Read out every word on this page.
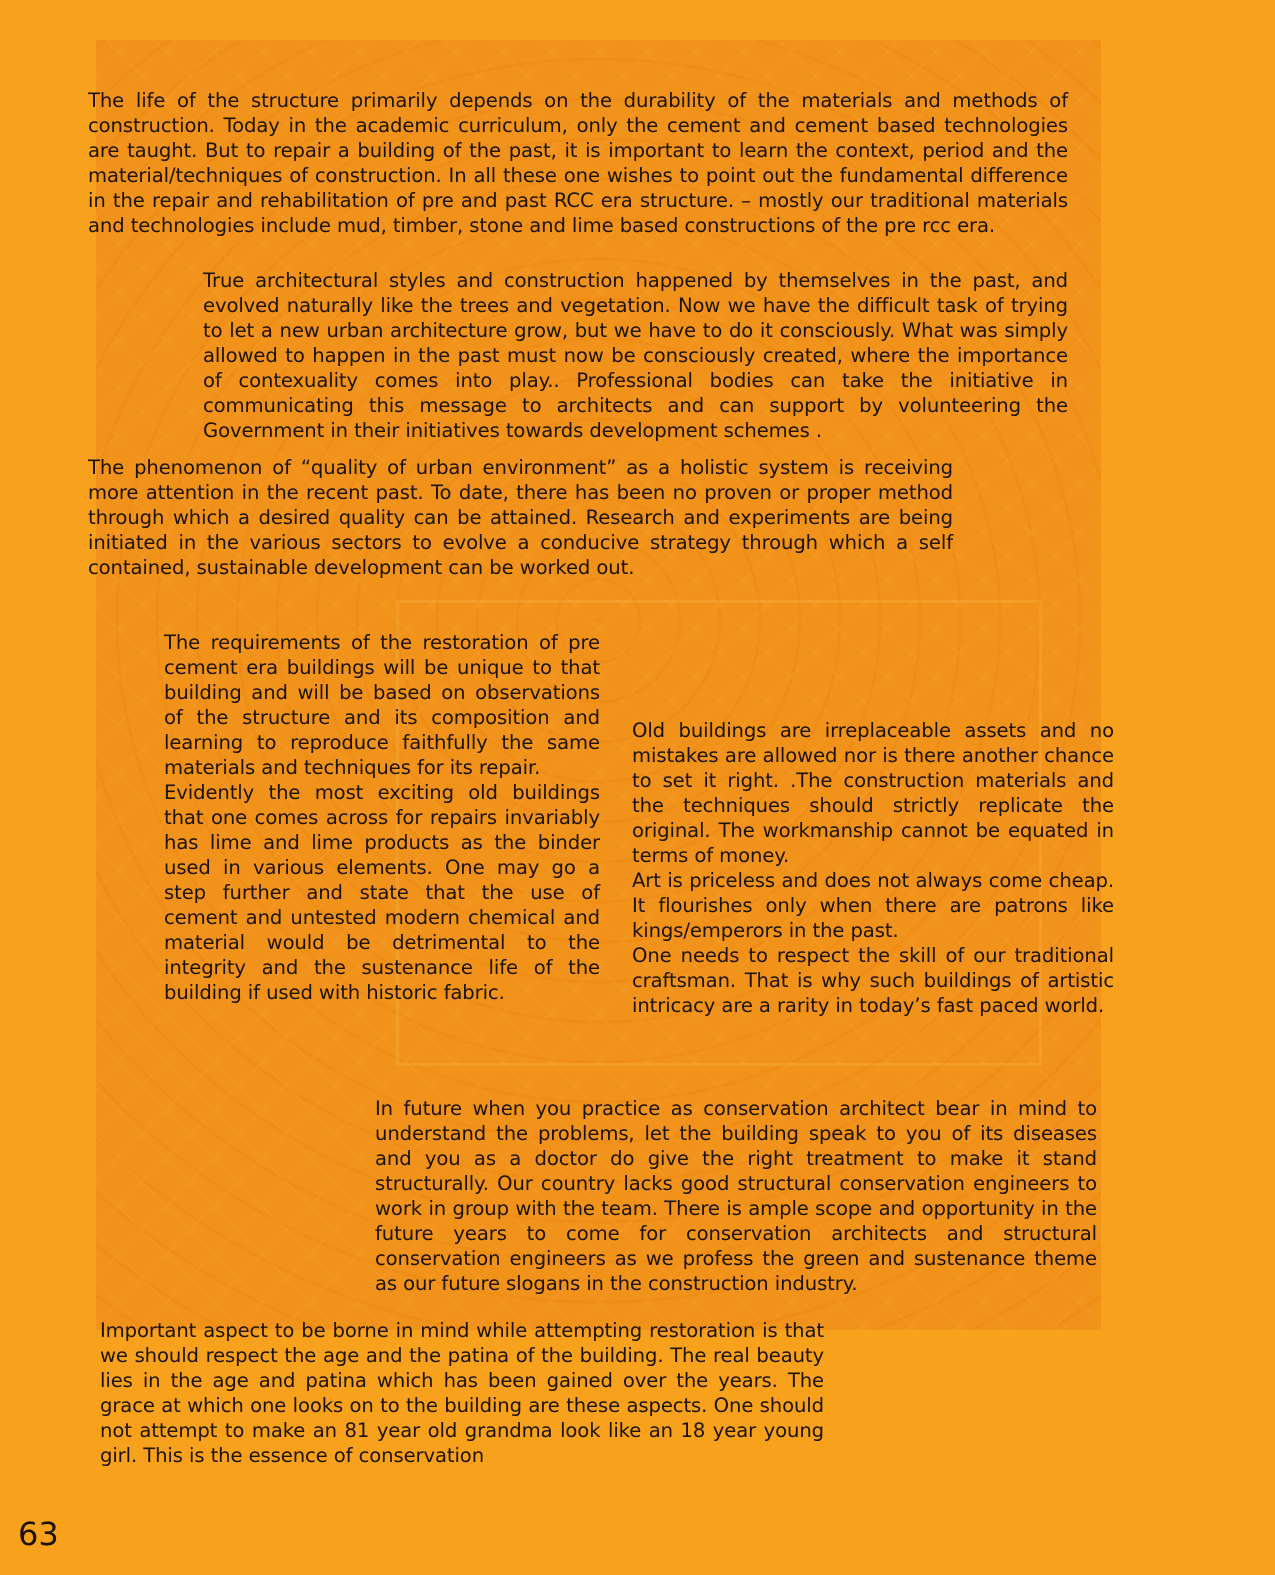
The life of the structure primarily depends on the durability of the materials and methods of construction. Today in the academic curriculum, only the cement and cement based technologies are taught. But to repair a building of the past, it is important to learn the context, period and the material/techniques of construction. In all these one wishes to point out the fundamental difference in the repair and rehabilitation of pre and past RCC era structure. – mostly our traditional materials and technologies include mud, timber, stone and lime based constructions of the pre rcc era.

True architectural styles and construction happened by themselves in the past, and evolved naturally like the trees and vegetation. Now we have the difficult task of trying to let a new urban architecture grow, but we have to do it consciously. What was simply allowed to happen in the past must now be consciously created, where the importance of contexuality comes into play.. Professional bodies can take the initiative in communicating this message to architects and can support by volunteering the Government in their initiatives towards development schemes .

The phenomenon of “quality of urban environment” as a holistic system is receiving more attention in the recent past. To date, there has been no proven or proper method through which a desired quality can be attained. Research and experiments are being initiated in the various sectors to evolve a conducive strategy through which a self contained, sustainable development can be worked out.

The requirements of the restoration of pre cement era buildings will be unique to that building and will be based on observations of the structure and its composition and learning to reproduce faithfully the same materials and techniques for its repair.

Evidently the most exciting old buildings that one comes across for repairs invariably has lime and lime products as the binder used in various elements. One may go a step further and state that the use of cement and untested modern chemical and material would be detrimental to the integrity and the sustenance life of the building if used with historic fabric.

Old buildings are irreplaceable assets and no mistakes are allowed nor is there another chance to set it right. .The construction materials and the techniques should strictly replicate the original. The workmanship cannot be equated in terms of money.

Art is priceless and does not always come cheap. It flourishes only when there are patrons like kings/emperors in the past.

One needs to respect the skill of our traditional craftsman. That is why such buildings of artistic intricacy are a rarity in today’s fast paced world.

In future when you practice as conservation architect bear in mind to understand the problems, let the building speak to you of its diseases and you as a doctor do give the right treatment to make it stand structurally. Our country lacks good structural conservation engineers to work in group with the team. There is ample scope and opportunity in the future years to come for conservation architects and structural conservation engineers as we profess the green and sustenance theme as our future slogans in the construction industry.

Important aspect to be borne in mind while attempting restoration is that we should respect the age and the patina of the building. The real beauty lies in the age and patina which has been gained over the years. The grace at which one looks on to the building are these aspects. One should not attempt to make an 81 year old grandma look like an 18 year young girl. This is the essence of conservation

63
